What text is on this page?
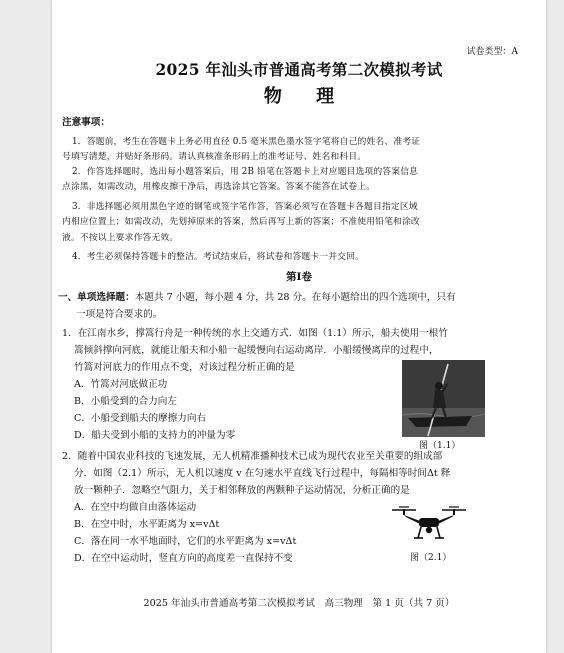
试卷类型：A
2025 年汕头市普通高考第二次模拟考试
物 理
注意事项：
1．答题前，考生在答题卡上务必用直径 0.5 毫米黑色墨水签字笔将自己的姓名、准考证
号填写清楚，并贴好条形码。请认真核准条形码上的准考证号、姓名和科目。
2．作答选择题时，选出每小题答案后，用 2B 铅笔在答题卡上对应题目选项的答案信息
点涂黑，如需改动，用橡皮擦干净后，再选涂其它答案。答案不能答在试卷上。
3．非选择题必须用黑色字迹的钢笔或签字笔作答，答案必须写在答题卡各题目指定区域
内相应位置上；如需改动，先划掉原来的答案，然后再写上新的答案；不准使用铅笔和涂改
液。不按以上要求作答无效。
4．考生必须保持答题卡的整洁。考试结束后，将试卷和答题卡一并交回。
第Ⅰ卷
一、单项选择题：本题共 7 小题，每小题 4 分，共 28 分。在每小题给出的四个选项中，只有
一项是符合要求的。
1．在江南水乡，撑篙行舟是一种传统的水上交通方式．如图（1.1）所示，船夫使用一根竹
篙倾斜撑向河底，就能让船夫和小船一起缓慢向右运动离岸．小船缓慢离岸的过程中，
竹篙对河底力的作用点不变，对该过程分析正确的是
A．竹篙对河底做正功
B．小船受到的合力向左
C．小船受到船夫的摩擦力向右
D．船夫受到小船的支持力的冲量为零
图（1.1）
2．随着中国农业科技的飞速发展，无人机精准播种技术已成为现代农业至关重要的组成部
分．如图（2.1）所示，无人机以速度 v 在匀速水平直线飞行过程中，每隔相等时间Δt 释
放一颗种子．忽略空气阻力，关于相邻释放的两颗种子运动情况，分析正确的是
A．在空中均做自由落体运动
B．在空中时，水平距离为 x=vΔt
C．落在同一水平地面时，它们的水平距离为 x=vΔt
D．在空中运动时，竖直方向的高度差一直保持不变	图（2.1）
2025 年汕头市普通高考第二次模拟考试　高三物理　第 1 页（共 7 页）
